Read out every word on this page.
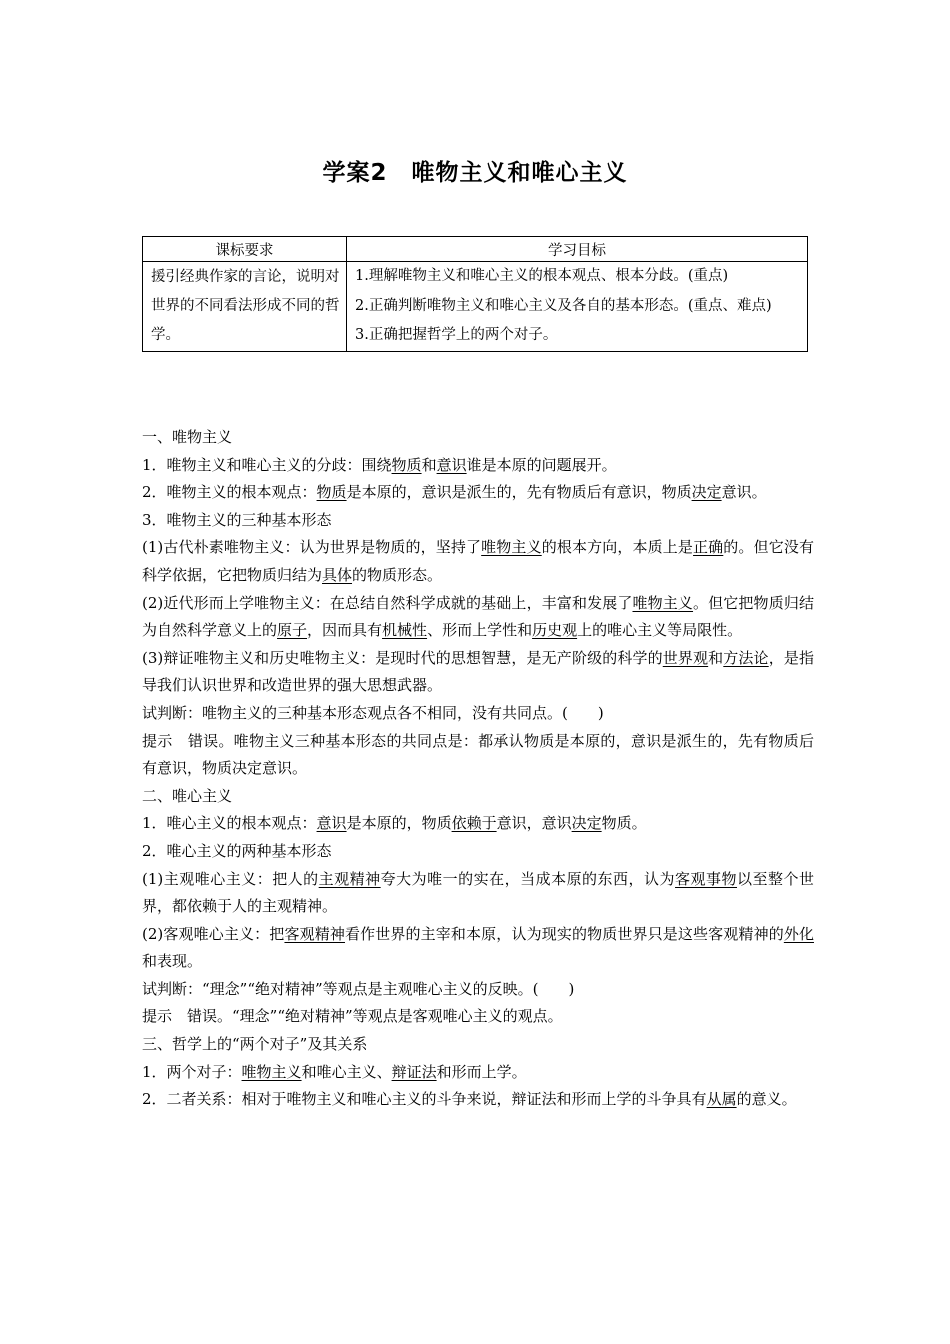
学案2　唯物主义和唯心主义
课标要求	学习目标
援引经典作家的言论，说明对世界的不同看法形成不同的哲学。	1.理解唯物主义和唯心主义的根本观点、根本分歧。(重点)
2.正确判断唯物主义和唯心主义及各自的基本形态。(重点、难点)
3.正确把握哲学上的两个对子。

一、唯物主义

1．唯物主义和唯心主义的分歧：围绕物质和意识谁是本原的问题展开。

2．唯物主义的根本观点：物质是本原的，意识是派生的，先有物质后有意识，物质决定意识。

3．唯物主义的三种基本形态

(1)古代朴素唯物主义：认为世界是物质的，坚持了唯物主义的根本方向，本质上是正确的。但它没有科学依据，它把物质归结为具体的物质形态。

(2)近代形而上学唯物主义：在总结自然科学成就的基础上，丰富和发展了唯物主义。但它把物质归结为自然科学意义上的原子，因而具有机械性、形而上学性和历史观上的唯心主义等局限性。

(3)辩证唯物主义和历史唯物主义：是现时代的思想智慧，是无产阶级的科学的世界观和方法论，是指导我们认识世界和改造世界的强大思想武器。

试判断：唯物主义的三种基本形态观点各不相同，没有共同点。(　　)

提示　错误。唯物主义三种基本形态的共同点是：都承认物质是本原的，意识是派生的，先有物质后有意识，物质决定意识。

二、唯心主义

1．唯心主义的根本观点：意识是本原的，物质依赖于意识，意识决定物质。

2．唯心主义的两种基本形态

(1)主观唯心主义：把人的主观精神夸大为唯一的实在，当成本原的东西，认为客观事物以至整个世界，都依赖于人的主观精神。

(2)客观唯心主义：把客观精神看作世界的主宰和本原，认为现实的物质世界只是这些客观精神的外化和表现。

试判断：“理念”“绝对精神”等观点是主观唯心主义的反映。(　　)

提示　错误。“理念”“绝对精神”等观点是客观唯心主义的观点。

三、哲学上的“两个对子”及其关系

1．两个对子：唯物主义和唯心主义、辩证法和形而上学。

2．二者关系：相对于唯物主义和唯心主义的斗争来说，辩证法和形而上学的斗争具有从属的意义。
